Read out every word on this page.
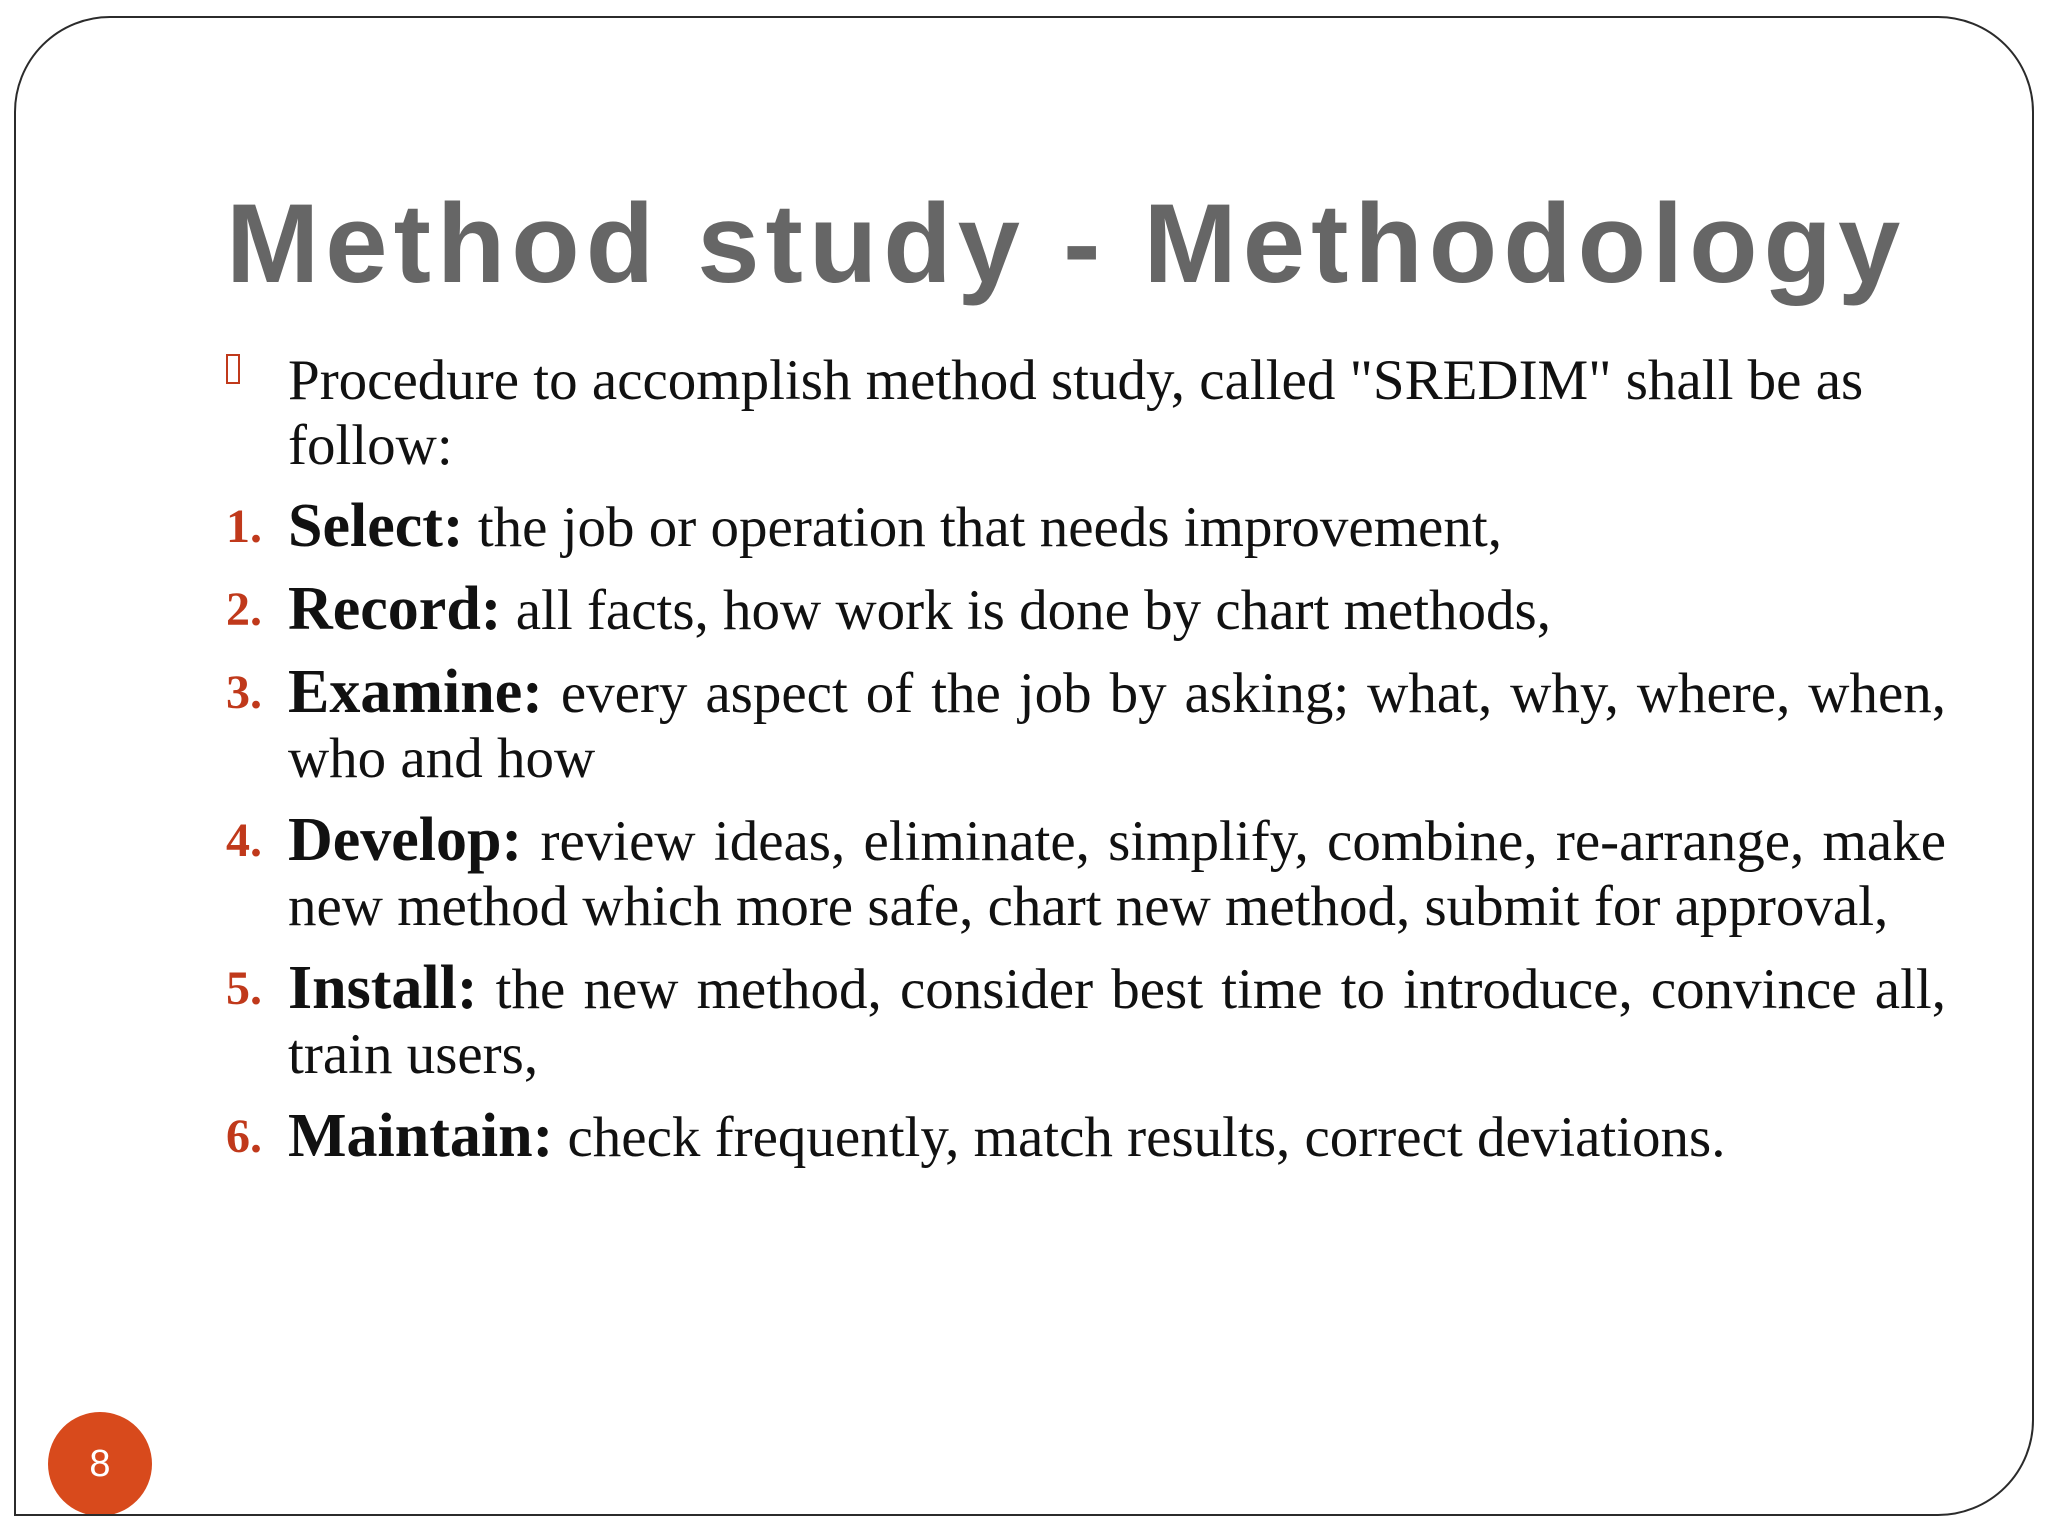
Method study - Methodology

Procedure to accomplish method study, called "SREDIM" shall be as follow:

1. Select: the job or operation that needs improvement,
2. Record: all facts, how work is done by chart methods,
3. Examine: every aspect of the job by asking; what, why, where, when, who and how
4. Develop: review ideas, eliminate, simplify, combine, re-arrange, make new method which more safe, chart new method, submit for approval,
5. Install: the new method, consider best time to introduce, convince all, train users,
6. Maintain: check frequently, match results, correct deviations.
8
